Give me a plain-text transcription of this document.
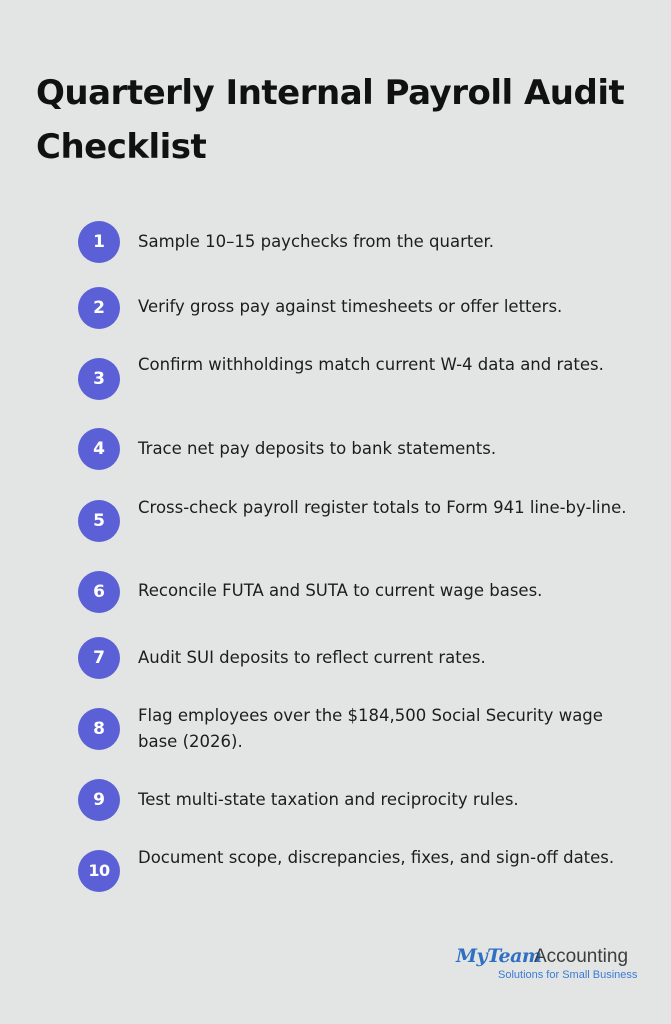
Quarterly Internal Payroll Audit Checklist
1	Sample 10–15 paychecks from the quarter.
2	Verify gross pay against timesheets or offer letters.
3
Confirm withholdings match current W-4 data and rates.
4	Trace net pay deposits to bank statements.
5
Cross-check payroll register totals to Form 941 line-by-line.
6	Reconcile FUTA and SUTA to current wage bases.
7	Audit SUI deposits to reflect current rates.
8
Flag employees over the $184,500 Social Security wage base (2026).
9	Test multi-state taxation and reciprocity rules.
10
Document scope, discrepancies, fixes, and sign-off dates.
MyTeam
Accounting
Solutions for Small Business
